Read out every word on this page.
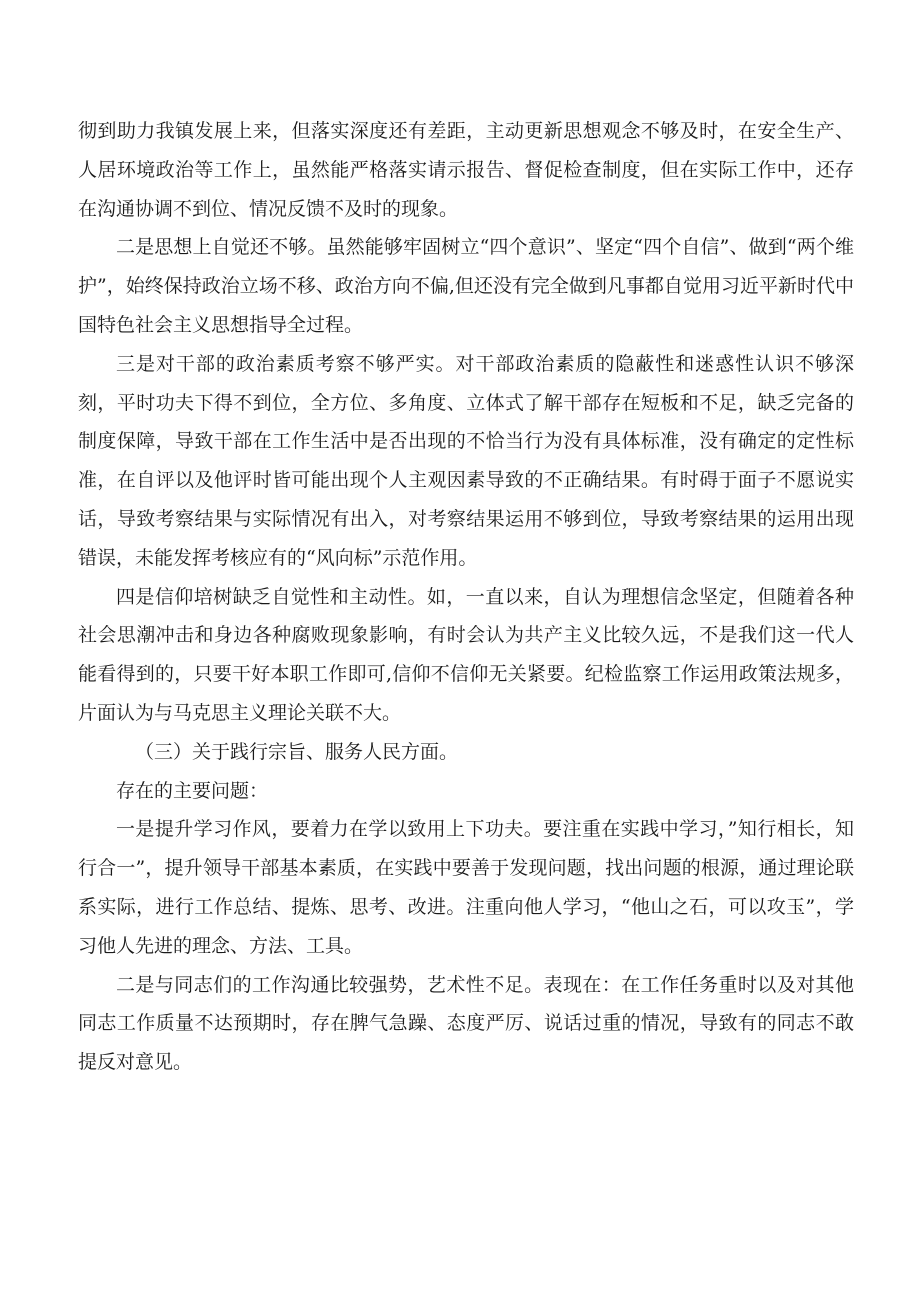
彻到助力我镇发展上来，但落实深度还有差距，主动更新思想观念不够及时，在安全生产、人居环境政治等工作上，虽然能严格落实请示报告、督促检查制度，但在实际工作中，还存在沟通协调不到位、情况反馈不及时的现象。

二是思想上自觉还不够。虽然能够牢固树立“四个意识”、坚定“四个自信”、做到“两个维护”，始终保持政治立场不移、政治方向不偏,但还没有完全做到凡事都自觉用习近平新时代中国特色社会主义思想指导全过程。

三是对干部的政治素质考察不够严实。对干部政治素质的隐蔽性和迷惑性认识不够深刻，平时功夫下得不到位，全方位、多角度、立体式了解干部存在短板和不足，缺乏完备的制度保障，导致干部在工作生活中是否出现的不恰当行为没有具体标准，没有确定的定性标准，在自评以及他评时皆可能出现个人主观因素导致的不正确结果。有时碍于面子不愿说实话，导致考察结果与实际情况有出入，对考察结果运用不够到位，导致考察结果的运用出现错误，未能发挥考核应有的“风向标”示范作用。

四是信仰培树缺乏自觉性和主动性。如，一直以来，自认为理想信念坚定，但随着各种社会思潮冲击和身边各种腐败现象影响，有时会认为共产主义比较久远，不是我们这一代人能看得到的，只要干好本职工作即可,信仰不信仰无关紧要。纪检监察工作运用政策法规多，片面认为与马克思主义理论关联不大。

（三）关于践行宗旨、服务人民方面。

存在的主要问题：

一是提升学习作风，要着力在学以致用上下功夫。要注重在实践中学习，”知行相长，知行合一”，提升领导干部基本素质，在实践中要善于发现问题，找出问题的根源，通过理论联系实际，进行工作总结、提炼、思考、改进。注重向他人学习，“他山之石，可以攻玉”，学习他人先进的理念、方法、工具。

二是与同志们的工作沟通比较强势，艺术性不足。表现在：在工作任务重时以及对其他同志工作质量不达预期时，存在脾气急躁、态度严厉、说话过重的情况，导致有的同志不敢提反对意见。
